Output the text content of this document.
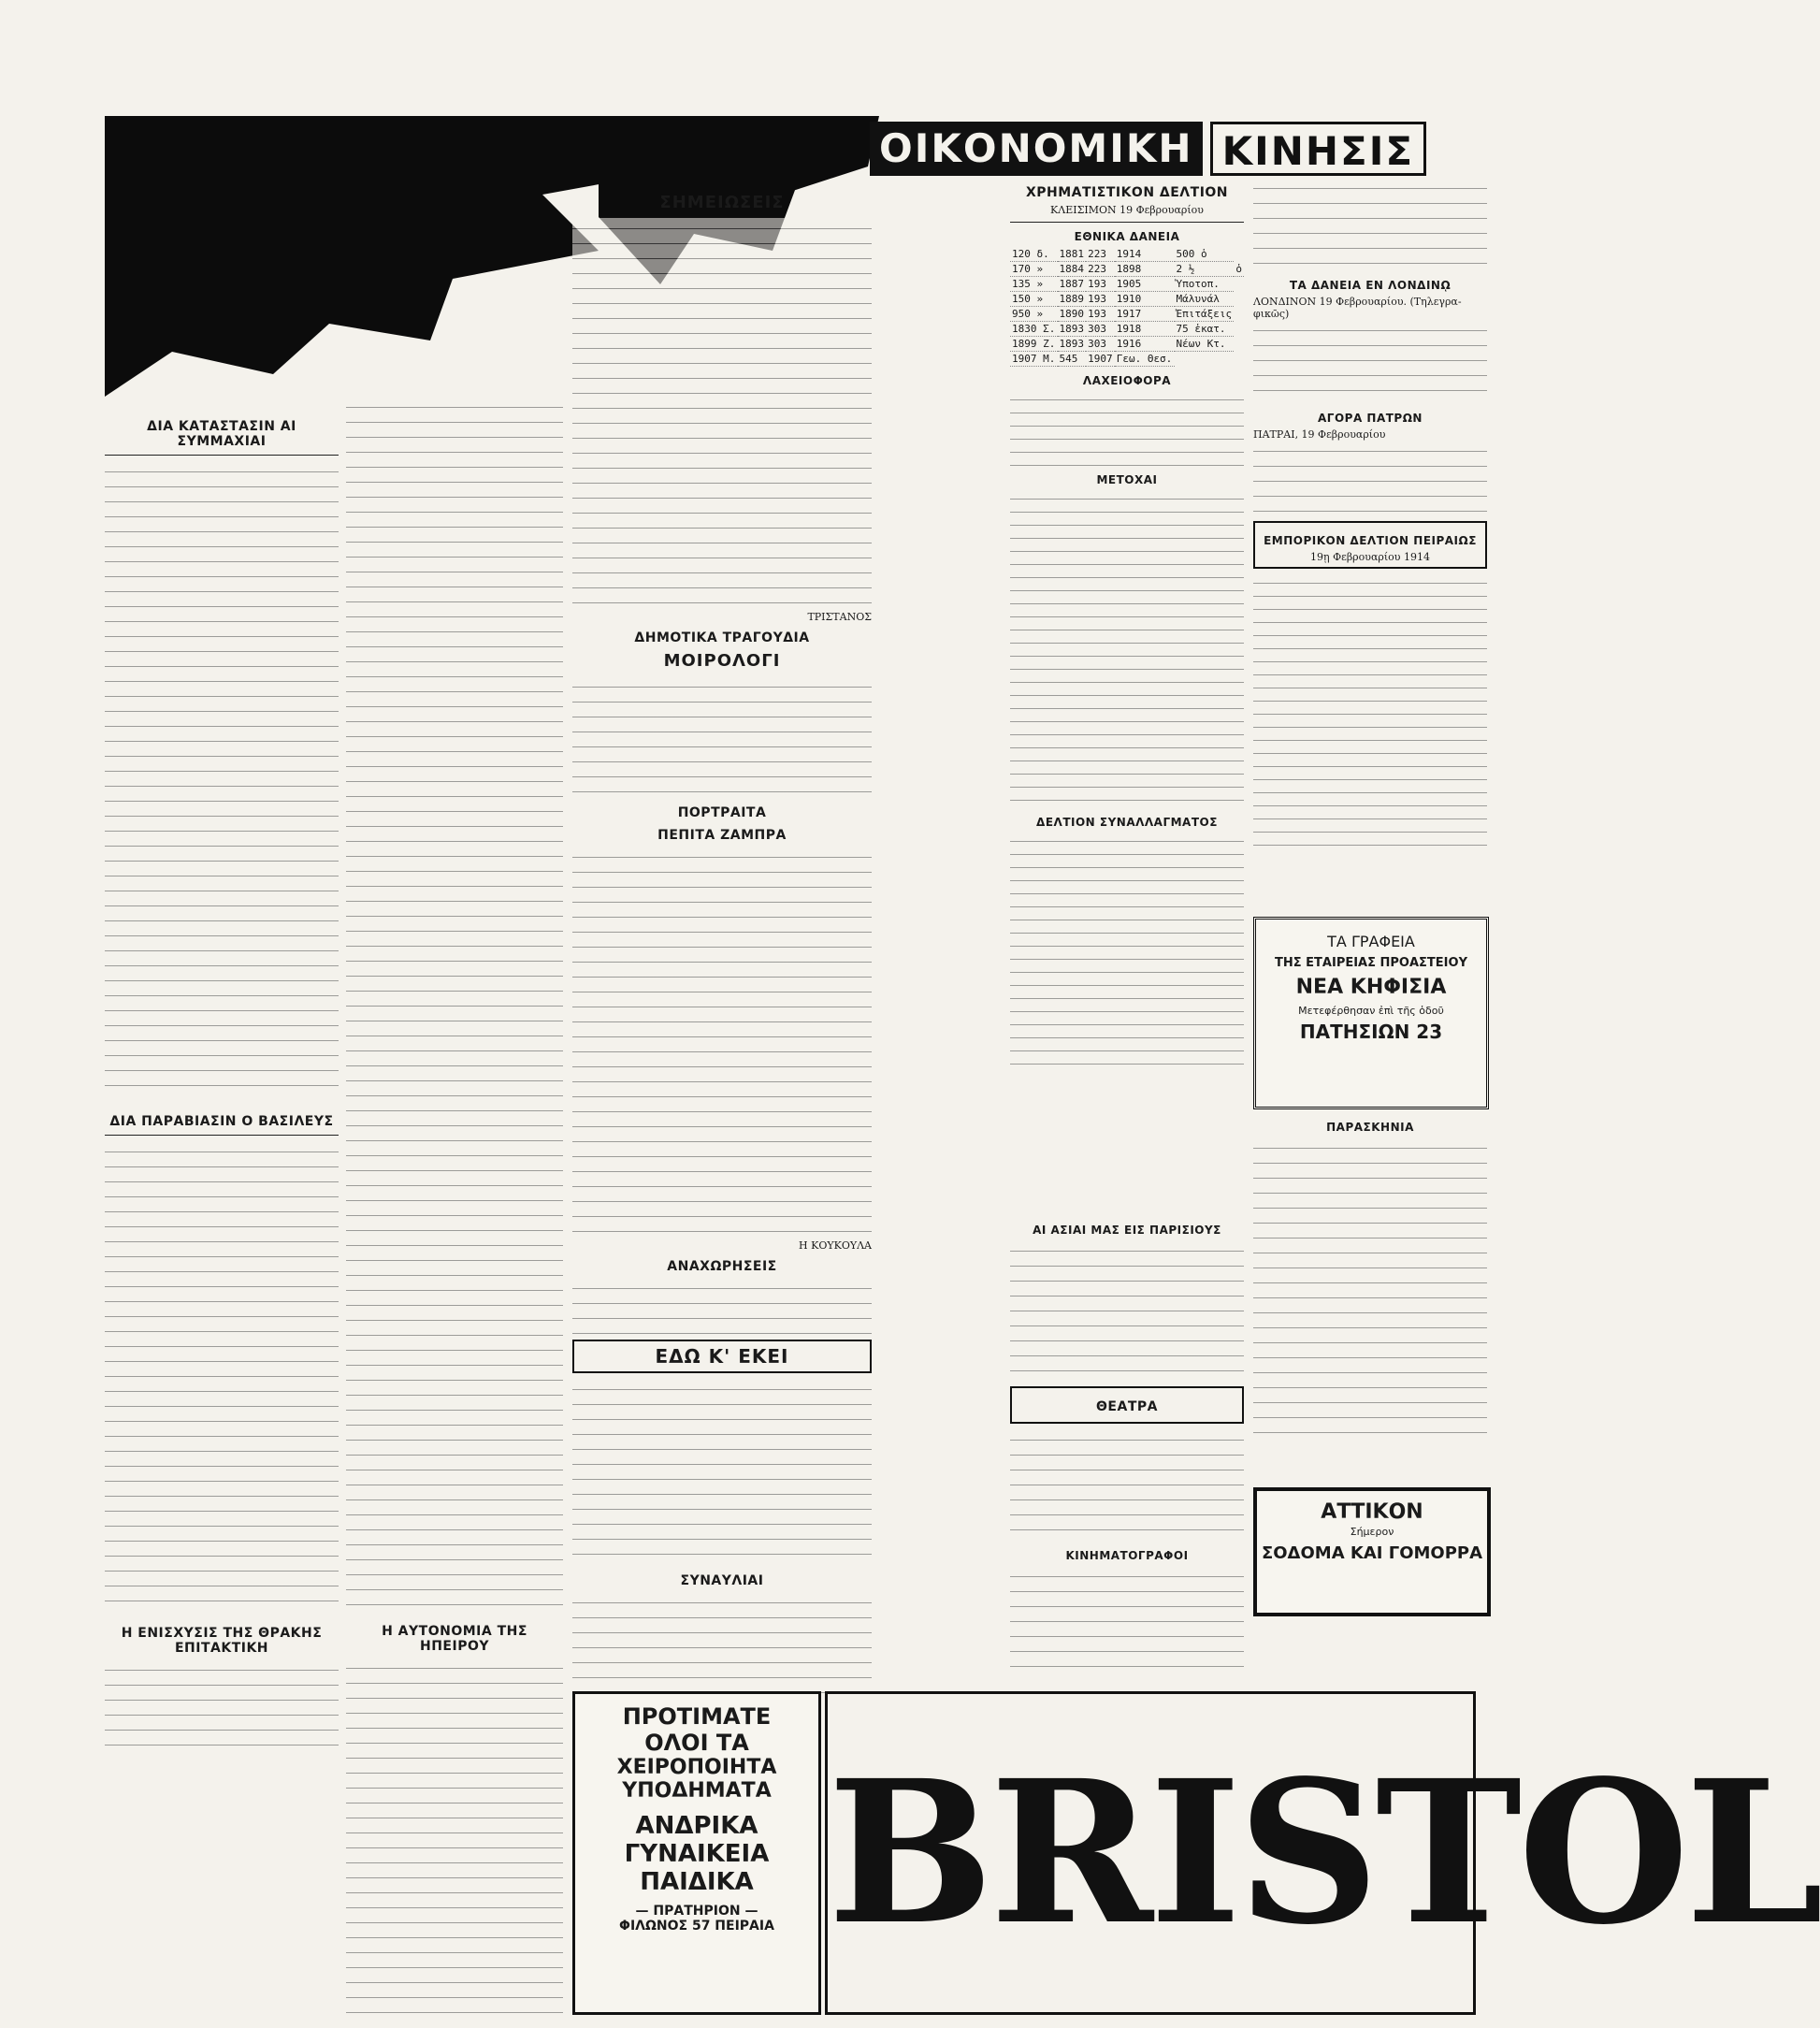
ΟΙΚΟΝΟΜΙΚΗ ΚΙΝΗΣΙΣ
ΔΙΑ ΚΑΤΑΣΤΑΣΙΝ ΑΙ ΣΥΜΜΑΧΙΑΙ
ΔΙΑ ΠΑΡΑΒΙΑΣΙΝ Ο ΒΑΣΙΛΕΥΣ
Η ΕΝΙΣΧΥΣΙΣ ΤΗΣ ΘΡΑΚΗΣ ΕΠΙΤΑΚΤΙΚΗ
Η ΑΥΤΟΝΟΜΙΑ ΤΗΣ ΗΠΕΙΡΟΥ
ΣΗΜΕΙΩΣΕΙΣ
ΤΡΙΣΤΑΝΟΣ
ΔΗΜΟΤΙΚΑ ΤΡΑΓΟΥΔΙΑ
ΜΟΙΡΟΛΟΓΙ
ΠΟΡΤΡΑΙΤΑ
ΠΕΠΙΤΑ ΖΑΜΠΡΑ
Η ΚΟΥΚΟΥΛΑ
ΑΝΑΧΩΡΗΣΕΙΣ
ΕΔΩ Κ' ΕΚΕΙ
ΣΥΝΑΥΛΙΑΙ
ΧΡΗΜΑΤΙΣΤΙΚΟΝ ΔΕΛΤΙΟΝ
ΚΛΕΙΣΙΜΟΝ 19 Φεβρουαρίου
ΕΘΝΙΚΑ ΔΑΝΕΙΑ
120 δ.	1881	223	1914	500 ὁ	
170 »	1884	223	1898	2 ½	ὁ
135 »	1887	193	1905	Ὑποτοπ.	
150 »	1889	193	1910	Μάλυνάλ	
950 »	1890	193	1917	Ἐπιτάξεις	
1830 Σ.	1893	303	1918	75 ἑκατ.	
1899 Ζ.	1893	303	1916	Νέων Κτ.	
1907 Μ.	545	1907	Γεω. Θεσ.		
ΛΑΧΕΙΟΦΟΡΑ
ΜΕΤΟΧΑΙ
ΔΕΛΤΙΟΝ ΣΥΝΑΛΛΑΓΜΑΤΟΣ
ΤΑ ΔΑΝΕΙΑ ΕΝ ΛΟΝΔΙΝῼ
ΛΟΝΔΙΝΟΝ 19 Φεβρουαρίου. (Τηλεγρα-φικῶς)
ΑΓΟΡΑ ΠΑΤΡΩΝ
ΠΑΤΡΑΙ, 19 Φεβρουαρίου
ΕΜΠΟΡΙΚΟΝ ΔΕΛΤΙΟΝ ΠΕΙΡΑΙΩΣ
19ῃ Φεβρουαρίου 1914
ΑΙ ΑΣΙΑΙ ΜΑΣ ΕΙΣ ΠΑΡΙΣΙΟΥΣ
ΘΕΑΤΡΑ
ΚΙΝΗΜΑΤΟΓΡΑΦΟΙ
ΤΑ ΓΡΑΦΕΙΑ
ΤΗΣ ΕΤΑΙΡΕΙΑΣ ΠΡΟΑΣΤΕΙΟΥ
ΝΕΑ ΚΗΦΙΣΙΑ
Μετεφέρθησαν ἐπὶ τῆς ὁδοῦ
ΠΑΤΗΣΙΩΝ 23
ΠΑΡΑΣΚΗΝΙΑ
ΑΤΤΙΚΟΝ
Σήμερον
ΣΟΔΟΜΑ ΚΑΙ ΓΟΜΟΡΡΑ
ΠΡΟΤΙΜΑΤΕ
ΟΛΟΙ ΤΑ
ΧΕΙΡΟΠΟΙΗΤΑ
ΥΠΟΔΗΜΑΤΑ
ΑΝΔΡΙΚΑ
ΓΥΝΑΙΚΕΙΑ
ΠΑΙΔΙΚΑ
— ΠΡΑΤΗΡΙΟΝ —
ΦΙΛΩΝΟΣ 57 ΠΕΙΡΑΙΑ BRISTOL
